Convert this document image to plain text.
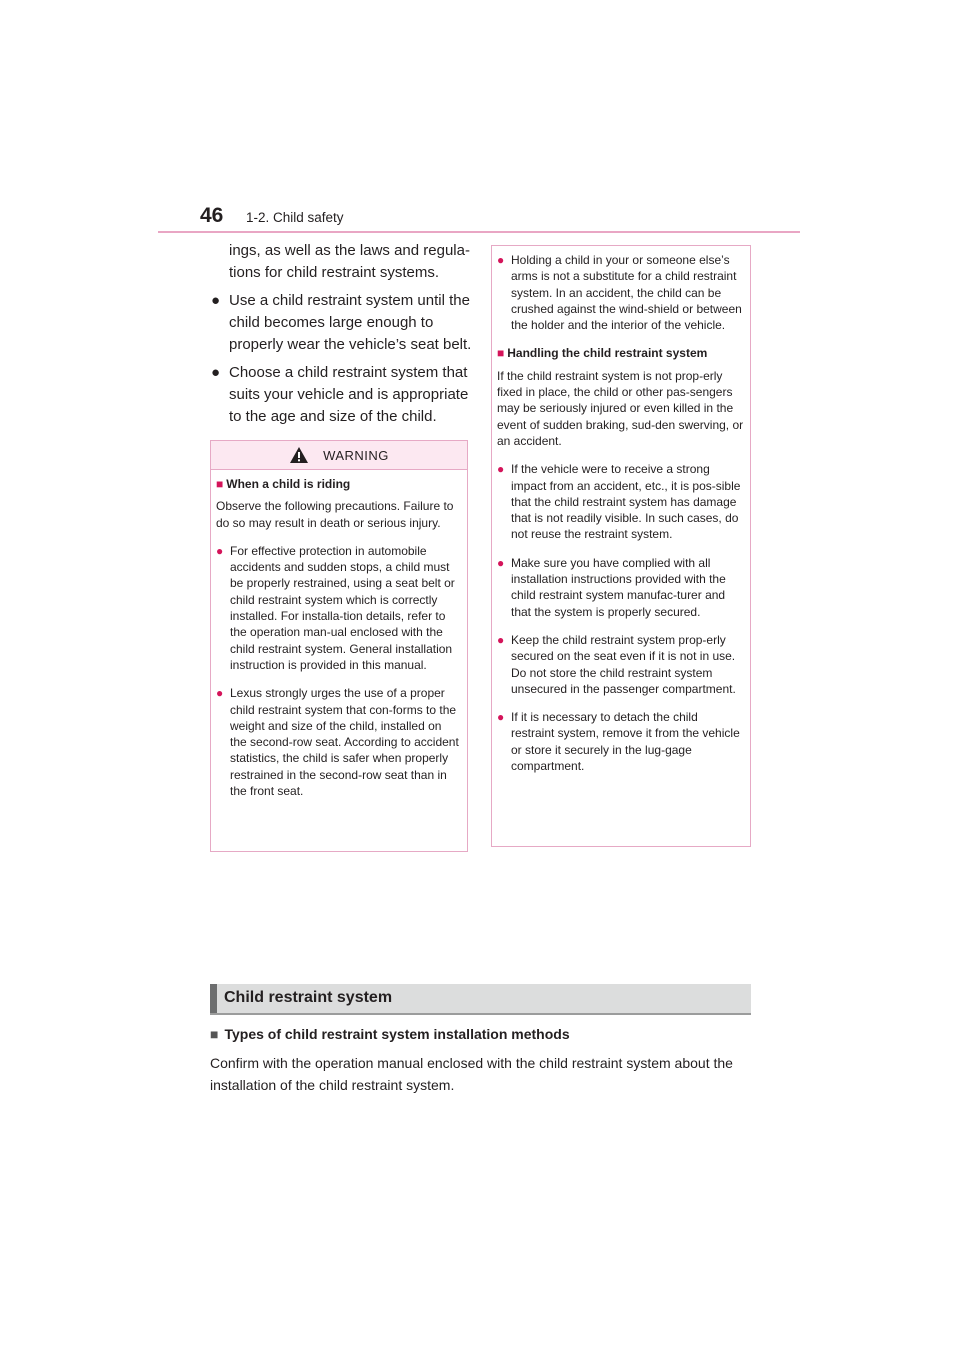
46 1-2. Child safety

ings, as well as the laws and regula-tions for child restraint systems.

● Use a child restraint system until the child becomes large enough to properly wear the vehicle’s seat belt.

● Choose a child restraint system that suits your vehicle and is appropriate to the age and size of the child.

WARNING

■ When a child is riding

Observe the following precautions. Failure to do so may result in death or serious injury.

● For effective protection in automobile accidents and sudden stops, a child must be properly restrained, using a seat belt or child restraint system which is correctly installed. For installa-tion details, refer to the operation man-ual enclosed with the child restraint system. General installation instruction is provided in this manual.

● Lexus strongly urges the use of a proper child restraint system that con-forms to the weight and size of the child, installed on the second-row seat. According to accident statistics, the child is safer when properly restrained in the second-row seat than in the front seat.

● Holding a child in your or someone else’s arms is not a substitute for a child restraint system. In an accident, the child can be crushed against the wind-shield or between the holder and the interior of the vehicle.

■ Handling the child restraint system

If the child restraint system is not prop-erly fixed in place, the child or other pas-sengers may be seriously injured or even killed in the event of sudden braking, sud-den swerving, or an accident.

● If the vehicle were to receive a strong impact from an accident, etc., it is pos-sible that the child restraint system has damage that is not readily visible. In such cases, do not reuse the restraint system.

● Make sure you have complied with all installation instructions provided with the child restraint system manufac-turer and that the system is properly secured.

● Keep the child restraint system prop-erly secured on the seat even if it is not in use. Do not store the child restraint system unsecured in the passenger compartment.

● If it is necessary to detach the child restraint system, remove it from the vehicle or store it securely in the lug-gage compartment.

Child restraint system
■ Types of child restraint system installation methods

Confirm with the operation manual enclosed with the child restraint system about the installation of the child restraint system.
